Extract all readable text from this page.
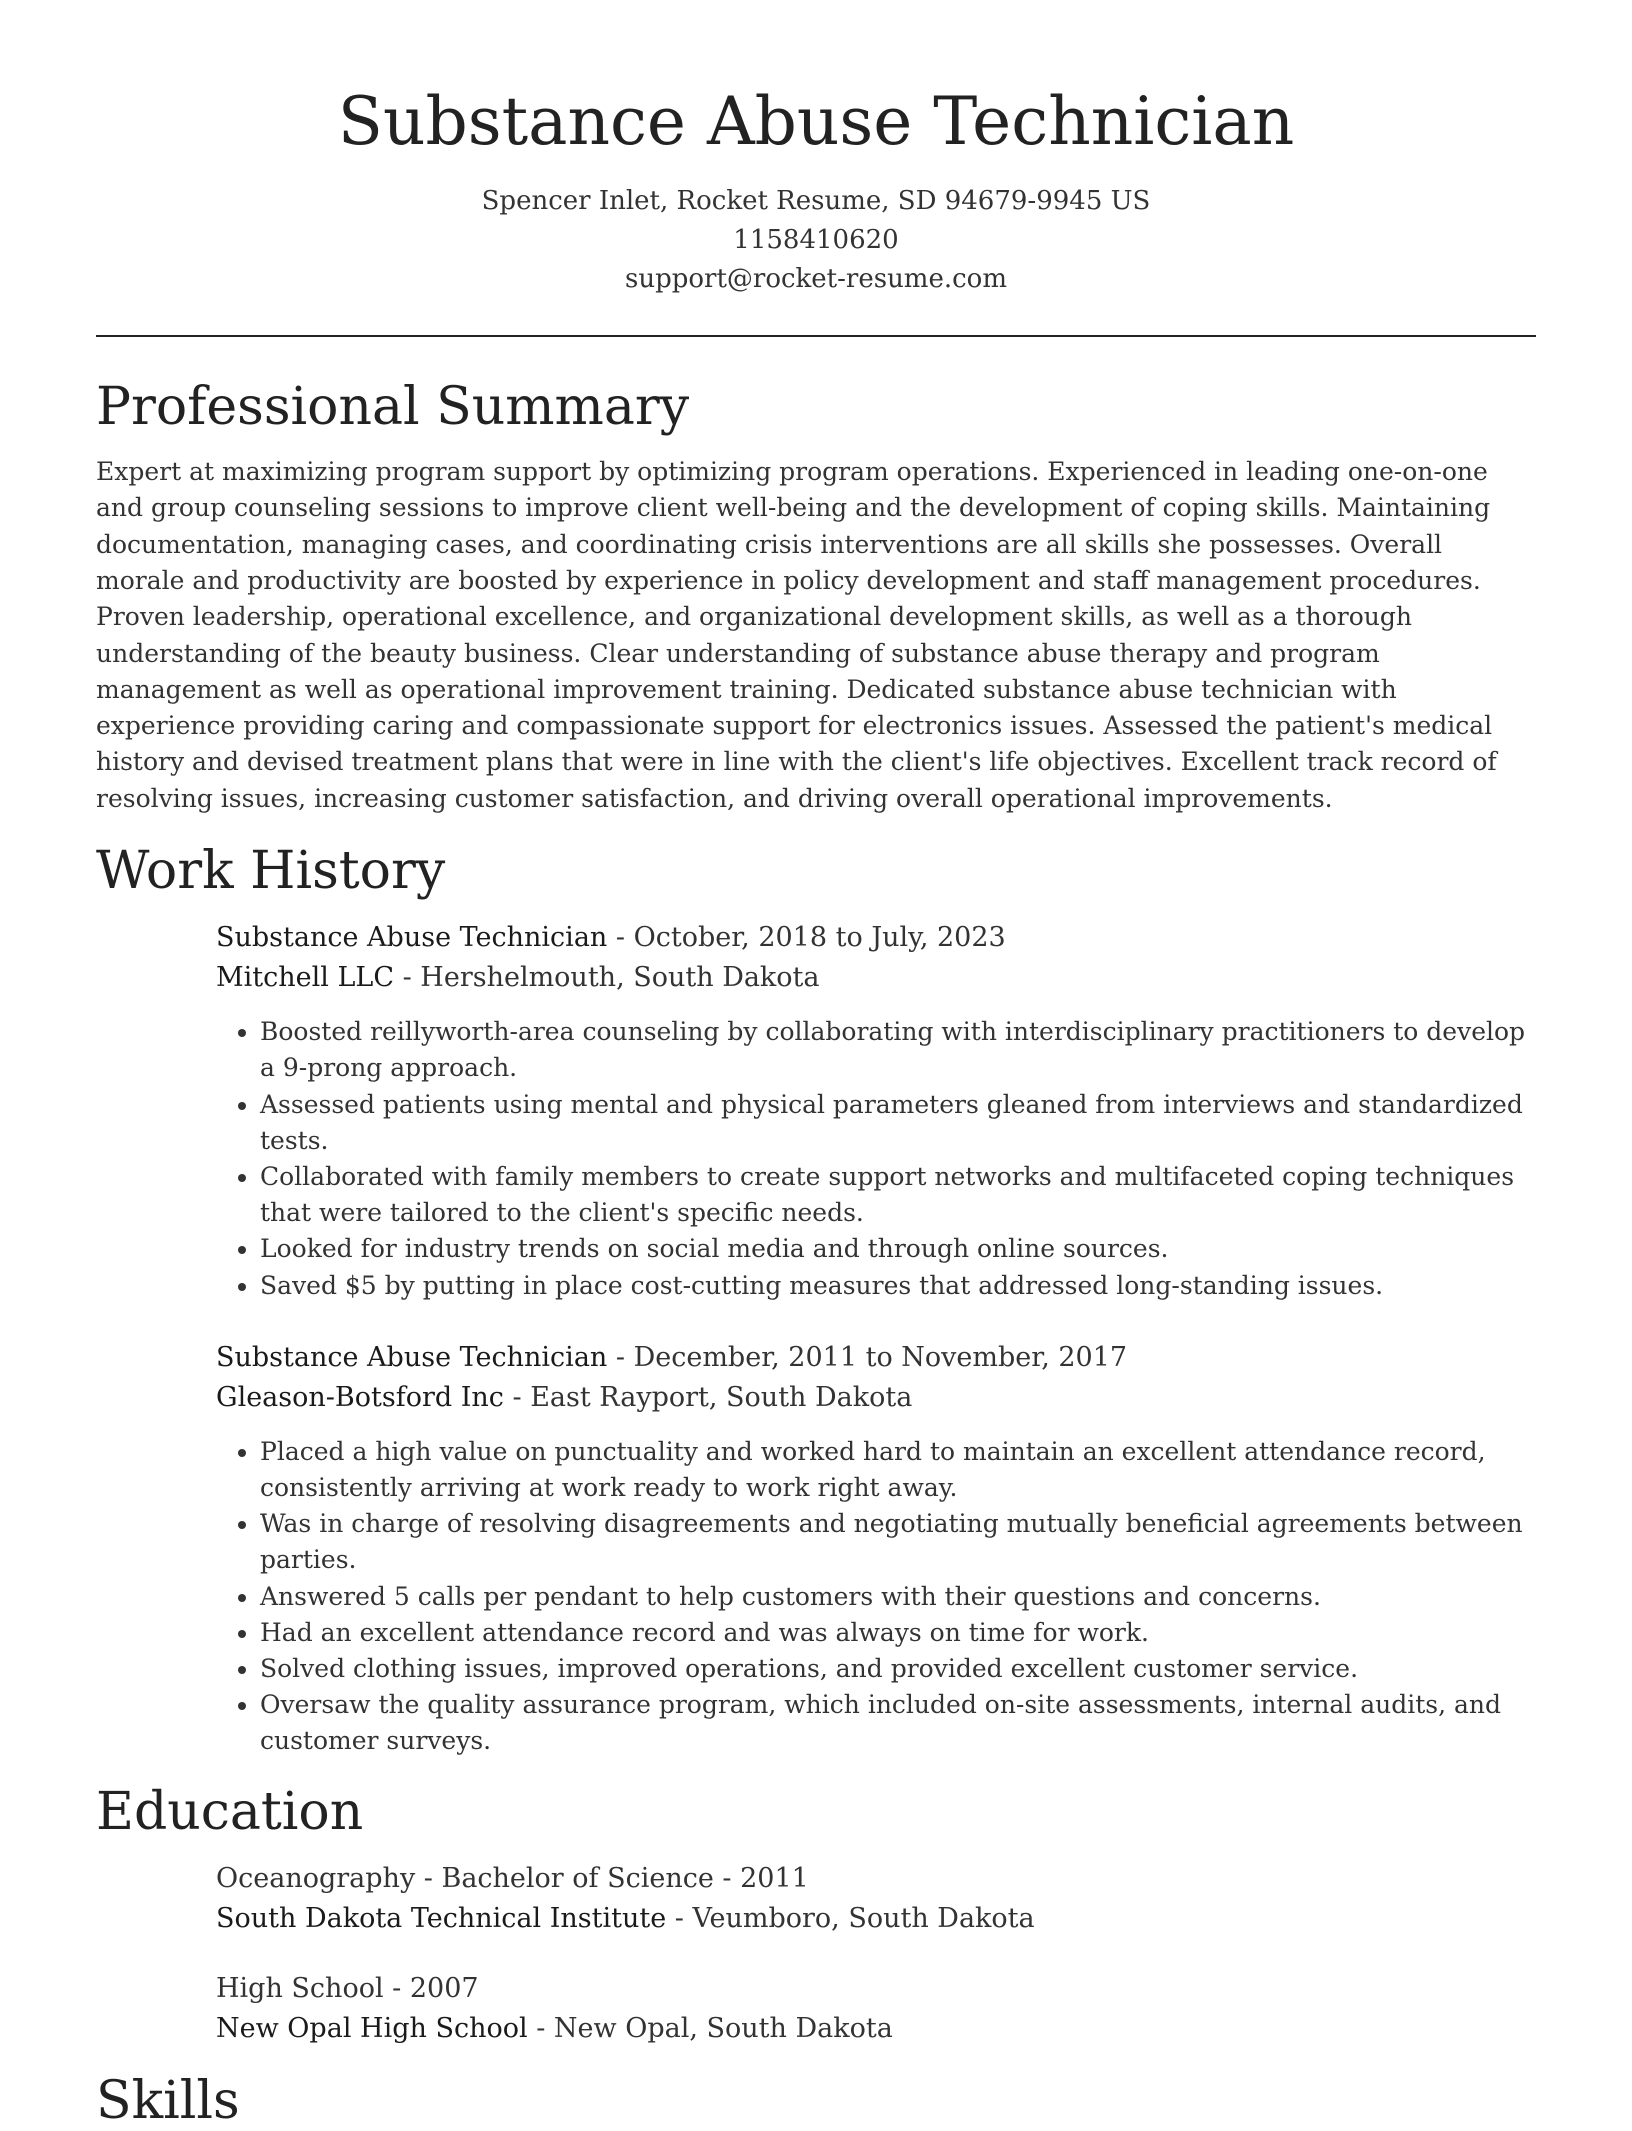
Substance Abuse Technician
Spencer Inlet, Rocket Resume, SD 94679-9945 US
1158410620
support@rocket-resume.com
Professional Summary

Expert at maximizing program support by optimizing program operations. Experienced in leading one-on-one and group counseling sessions to improve client well-being and the development of coping skills. Maintaining documentation, managing cases, and coordinating crisis interventions are all skills she possesses. Overall morale and productivity are boosted by experience in policy development and staff management procedures. Proven leadership, operational excellence, and organizational development skills, as well as a thorough understanding of the beauty business. Clear understanding of substance abuse therapy and program management as well as operational improvement training. Dedicated substance abuse technician with experience providing caring and compassionate support for electronics issues. Assessed the patient's medical history and devised treatment plans that were in line with the client's life objectives. Excellent track record of resolving issues, increasing customer satisfaction, and driving overall operational improvements.

Work History
Substance Abuse Technician - October, 2018 to July, 2023
Mitchell LLC - Hershelmouth, South Dakota
• Boosted reillyworth-area counseling by collaborating with interdisciplinary practitioners to develop a 9-prong approach.
• Assessed patients using mental and physical parameters gleaned from interviews and standardized tests.
• Collaborated with family members to create support networks and multifaceted coping techniques that were tailored to the client's specific needs.
• Looked for industry trends on social media and through online sources.
• Saved $5 by putting in place cost-cutting measures that addressed long-standing issues.
Substance Abuse Technician - December, 2011 to November, 2017
Gleason-Botsford Inc - East Rayport, South Dakota
• Placed a high value on punctuality and worked hard to maintain an excellent attendance record, consistently arriving at work ready to work right away.
• Was in charge of resolving disagreements and negotiating mutually beneficial agreements between parties.
• Answered 5 calls per pendant to help customers with their questions and concerns.
• Had an excellent attendance record and was always on time for work.
• Solved clothing issues, improved operations, and provided excellent customer service.
• Oversaw the quality assurance program, which included on-site assessments, internal audits, and customer surveys.
Education
Oceanography - Bachelor of Science - 2011
South Dakota Technical Institute - Veumboro, South Dakota
High School - 2007
New Opal High School - New Opal, South Dakota
Skills
